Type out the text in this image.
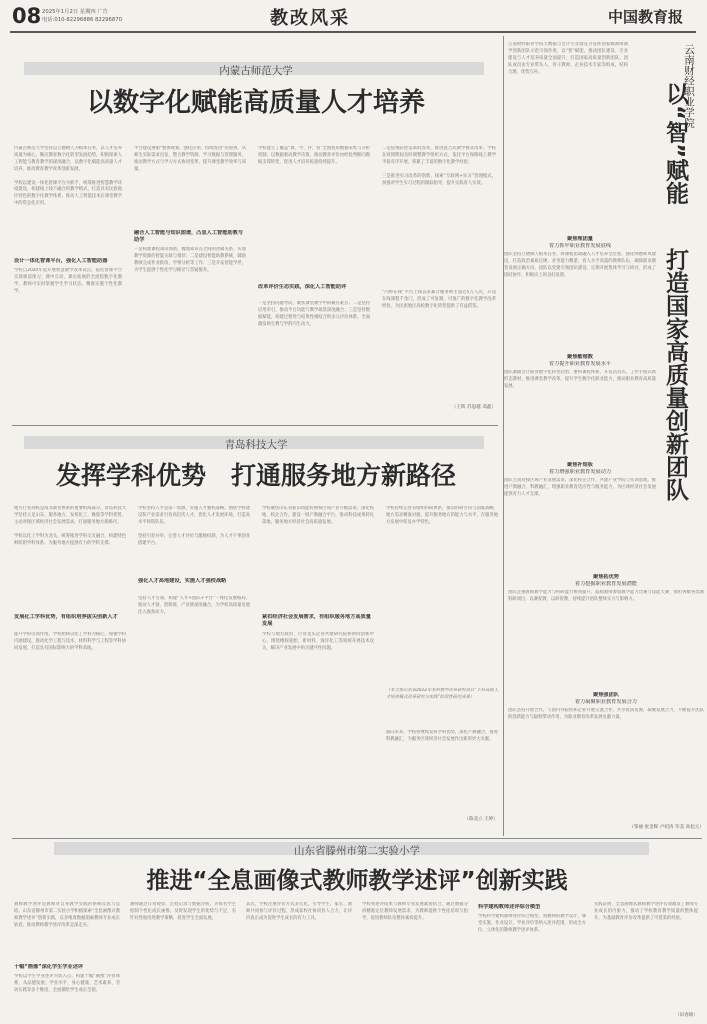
08 2025年1月2日 星期四 广告
电话:010-82296886 82296870	教改风采	中国教育报
内蒙古师范大学
以数字化赋能高质量人才培养
内蒙古师范大学坚持以立德树人为根本任务，以人才培养质量为核心，顺应教育数字化转型发展趋势，积极探索人工智能与教育教学的深度融合，以数字化赋能高质量人才培养，推动教育教学改革创新发展。

学校以建设一体化智课平台为抓手，统筹推进智慧教学环境建设，构建线上线下融合的教学模式，打造具有民族地区特色的数字化教学体系，推动人工智能技术在课堂教学中的常态化应用。
设计一体化智课平台，强化人工智能助器
学校自2020年起开展智慧教学改革试点，依托智课平台实现课前预习、课中互动、课后拓展的全流程数字化教学，教师可实时掌握学生学习状态，精准实施个性化教学。
平台建设遵循“整体规划、强化应用、持续改进”的原则，从师生实际需求出发，整合教学资源、学习数据与管理服务，推动教学方式与学习方式协同变革，提升课堂教学效率与质量。
融合人工智能与知识图谱，凸显人工智能助教与助学
一是构建课程知识图谱，梳理知识点之间的逻辑关系，实现教学资源的智能关联与推荐；二是建设智能助教系统，辅助教师完成作业批改、学情分析等工作；三是开发智能学伴，为学生提供个性化学习路径与答疑服务。
学校建立了覆盖“教、学、评、管”全流程的数据采集与分析机制，以数据驱动教学决策，推动教育评价由经验判断向数据支撑转变，促进人才培养质量持续提升。
改革评价生态实践，深化人工智能助评
一是坚持问题导向，聚焦课堂教学中的痛点难点；二是坚持应用牵引，推动平台功能与教学场景深度融合；三是坚持数据赋能，构建过程性与结果性相结合的多元评价体系，全面激发师生教与学的内生动力。
二是依情防控需求的改革，推进混合式教学模式改革。学校在疫情期间及时调整教学组织方式，依托平台保障线上教学平稳有序开展，积累了丰富的数字化教学经验。

三是推进实习改革的创新，探索“互联网+实习”管理模式，加强对学生实习过程的跟踪指导，提升实践育人实效。
“内师在线”平台上线以来累计服务师生超过5万人次，开设在线课程千余门，形成了可复制、可推广的数字化教学改革经验，为民族地区高校数字化转型提供了有益借鉴。
（王辉 苏思越 邓鑫）
青岛科技大学
发挥学科优势　打通服务地方新路径
地方行业高校是高等教育体系的重要组成部分。青岛科技大学坚持立足山东、服务地方，发挥化工、橡胶等学科优势，主动对接区域经济社会发展需求，打通服务地方新路径。

学校以化工学科为龙头，统筹推进学科交叉融合，构建特色鲜明的学科体系，为服务地方提供有力的学科支撑。
发展化工学科优势，有组织培养拔尖创新人才
提升学科引领作用。学校始终以化工学科为核心，加强学科内涵建设，推动化学工程与技术、材料科学与工程等学科协同发展，打造具有国际影响力的学科高地。
学校坚持人才是第一资源，实施人才强校战略，围绕学科建设和产业需求引育高层次人才，优化人才发展环境，打造高水平师资队伍。

坚持引育并举，完善人才评价与激励机制，为人才干事创业搭建平台。
强化人才高地建设，实施人才强校战略
坚持人才引领，构建“人才+团队+平台”一体化发展格局，推动人才链、创新链、产业链深度融合，为学校高质量发展注入强劲动力。
学校聚焦山东省新旧动能转换和区域产业升级需求，深化校地、校企合作，建设一批产教融合平台，推动科技成果转化落地，服务地方经济社会高质量发展。
紧扣经济社会发展需求，有组织服务地方高质量发展
学校与地方政府、行业龙头企业共建研究院和协同创新中心，围绕橡胶轮胎、新材料、海洋化工等领域开展技术攻关，解决产业发展中的关键共性问题。
学校持续完善有组织科研体系，推动科研方向与国家战略、地方需求精准对接，提升服务地方的能力与水平，在服务地方发展中彰显办学特色。
（本文系山东省2022年本科教学改革研究项目“工科高校人才培养模式改革研究与实践”阶段性研究成果）
面向未来，学校将继续发挥学科优势，深化产教融合，推进科教融汇，为服务区域经济社会发展作出新的更大贡献。
（陈竞立 王婷）
云南财经职业学院大数据与会计专业群充分发挥国家级教师教学创新团队示范引领作用，以“智”赋能，推动团队建设、专业建设与人才培养质量全面提升，打造国家高质量创新团队。团队成员由专业带头人、骨干教师、企业技术专家等组成，结构合理，优势互补。	云南财经职业学院
以“智”赋能
打造国家高质量创新团队
聚焦理团量
着力抓牢职业教育发展底线
团队坚持立德树人根本任务，将课程思政融入人才培养全过程，强化师德师风建设，打造政治素质过硬、业务能力精湛、育人水平高超的教师队伍，确保职业教育发展正确方向。团队以党建引领团队建设，定期开展集体学习与研讨，形成了团结协作、积极向上的良好氛围。
聚焦敏维数
着力提升职业教育发展水平
团队紧跟会计职业数字化转型趋势，重构课程体系，开发活页式、工作手册式新形态教材，推进课堂教学改革，提升学生数字化职业能力，推动职业教育高质量发展。
聚焦补短板
着力增强职业教育发展动力
团队主动对接区域产业发展需求，深化校企合作，共建产业学院与实训基地，推进产教融合、科教融汇，增强职业教育适应性与服务能力，为区域经济社会发展提供有力人才支撑。
聚焦拓优势
着力挖掘职业教育发展潜能
团队注重教师教学能力与科研能力协同提升，鼓励教师参加教学能力比赛与技能大赛，承担各级各类教科研项目，以赛促教、以研促教，持续提升团队整体实力与影响力。
聚焦强团队
着力凝聚职业教育发展合力
团队坚持开放合作，与国内外院校和企业开展交流合作，共享优质资源，凝聚发展合力，不断提升团队的创新能力与辐射带动作用，为职业教育改革发展贡献力量。
（邹丽 张金晖 卢绍涛 毕美 高松元）
山东省滕州市第二实验小学
推进“全息画像式教师教学述评”创新实践
教师教学述评是教师对自身教学实践的系统反思与总结。山东省滕州市第二实验小学积极探索“全息画像式教师教学述评”创新实践，以多维度数据刻画教师专业成长轨迹，推动教师教学述评改革走深走实。
十幅“画像”深化学生学业述评
学校以学生学业述评为切入点，构建十幅“画像”评价体系，从品德发展、学业水平、身心健康、艺术素养、劳动实践等多个维度，全面描绘学生成长全貌。
教师通过日常观察、过程记录与数据分析，为每名学生绘制个性化成长画像，及时发现学生的优势与不足，有针对性地改进教学策略，促进学生全面发展。
其次，学校注重评价方式多元化，引导学生、家长、教师共同参与评价过程，形成家校社协同育人合力，让评价真正成为促进学生成长的有力工具。
学校将述评结果与教师专业发展紧密结合，通过数据分析精准定位教师发展需求，为教师提供个性化培训与指导，促进教师队伍整体素质提升。
科学建构教师述评综合模型
学校科学建构教师述评综合模型，将教师的教学设计、课堂实施、作业设计、学业评价等纳入述评范围，形成全方位、立体化的教师教学述评体系。
实践证明，全息画像式教师教学述评有效激发了教师专业成长的内驱力，推动了学校教育教学质量的整体提升，为基础教育评价改革提供了可借鉴的经验。
（田春锦）
